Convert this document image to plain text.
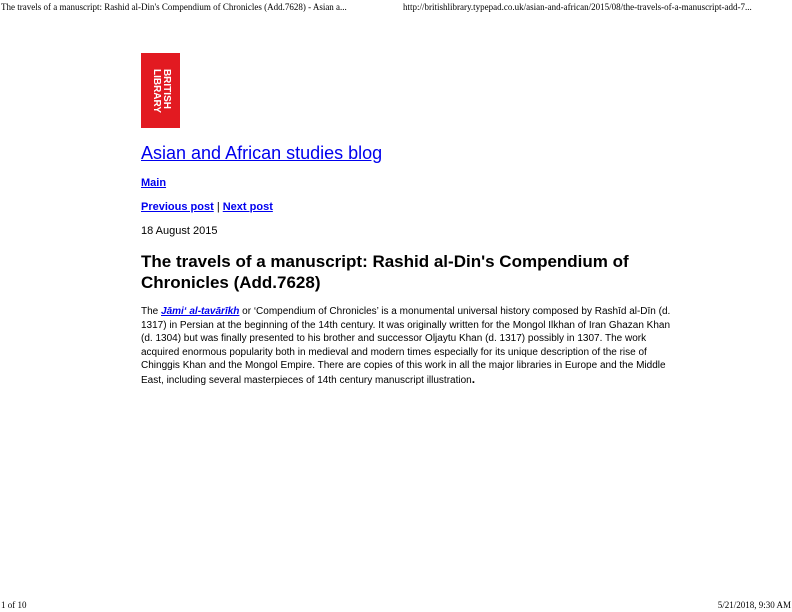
The travels of a manuscript: Rashid al-Din's Compendium of Chronicles (Add.7628) - Asian a...	http://britishlibrary.typepad.co.uk/asian-and-african/2015/08/the-travels-of-a-manuscript-add-7...
BRITISH
LIBRARY
Asian and African studies blog
Main
Previous post | Next post
18 August 2015
The travels of a manuscript: Rashid al-Din's Compendium of Chronicles (Add.7628)

The Jāmi‘ al-tavārīkh or ‘Compendium of Chronicles’ is a monumental universal history composed by Rashīd al-Dīn (d. 1317) in Persian at the beginning of the 14th century. It was originally written for the Mongol Ilkhan of Iran Ghazan Khan (d. 1304) but was finally presented to his brother and successor Oljaytu Khan (d. 1317) possibly in 1307. The work acquired enormous popularity both in medieval and modern times especially for its unique description of the rise of Chinggis Khan and the Mongol Empire. There are copies of this work in all the major libraries in Europe and the Middle East, including several masterpieces of 14th century manuscript illustration.

1 of 10	5/21/2018, 9:30 AM
